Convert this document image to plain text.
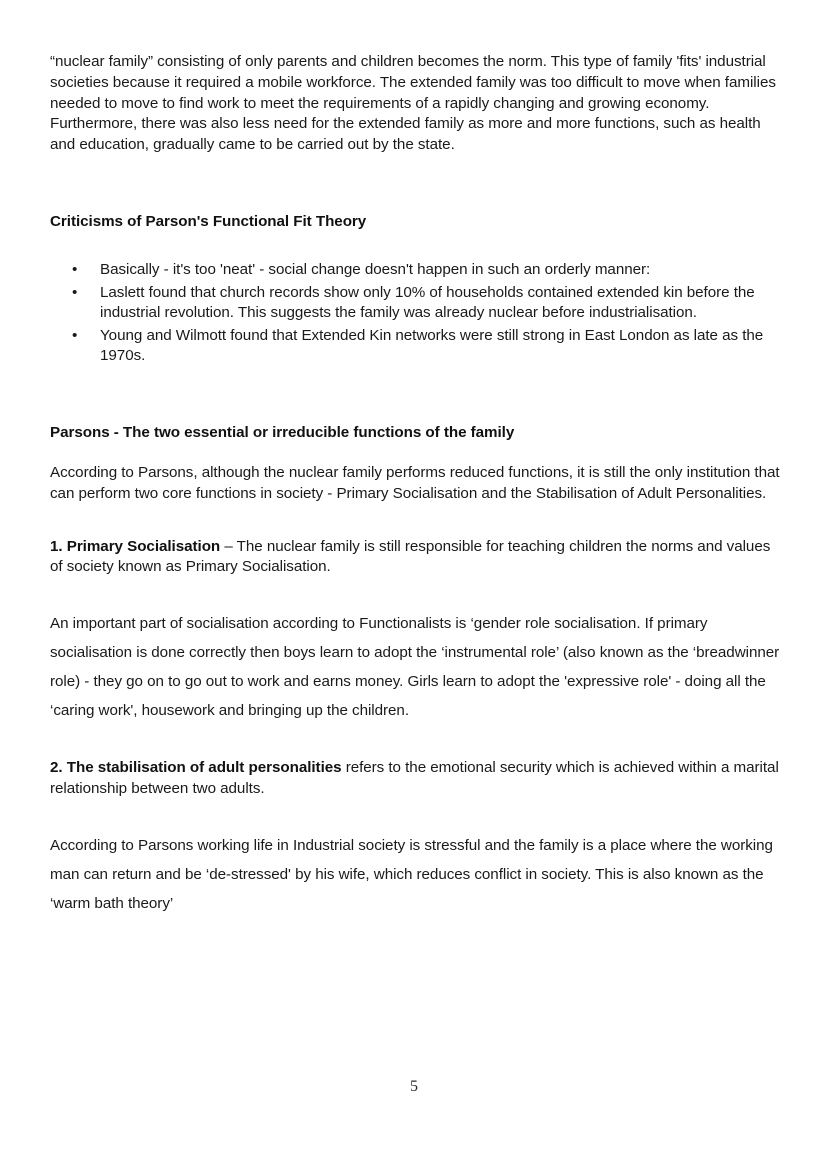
“nuclear family” consisting of only parents and children becomes the norm. This type of family 'fits' industrial societies because it required a mobile workforce. The extended family was too difficult to move when families needed to move to find work to meet the requirements of a rapidly changing and growing economy. Furthermore, there was also less need for the extended family as more and more functions, such as health and education, gradually came to be carried out by the state.

Criticisms of Parson's Functional Fit Theory
• Basically - it's too 'neat' - social change doesn't happen in such an orderly manner:
• Laslett found that church records show only 10% of households contained extended kin before the industrial revolution. This suggests the family was already nuclear before industrialisation.
• Young and Wilmott found that Extended Kin networks were still strong in East London as late as the 1970s.
Parsons - The two essential or irreducible functions of the family

According to Parsons, although the nuclear family performs reduced functions, it is still the only institution that can perform two core functions in society - Primary Socialisation and the Stabilisation of Adult Personalities.

1. Primary Socialisation – The nuclear family is still responsible for teaching children the norms and values of society known as Primary Socialisation.

An important part of socialisation according to Functionalists is ‘gender role socialisation. If primary socialisation is done correctly then boys learn to adopt the ‘instrumental role’ (also known as the ‘breadwinner role) - they go on to go out to work and earns money. Girls learn to adopt the 'expressive role' - doing all the ‘caring work', housework and bringing up the children.

2. The stabilisation of adult personalities refers to the emotional security which is achieved within a marital relationship between two adults.

According to Parsons working life in Industrial society is stressful and the family is a place where the working man can return and be ‘de-stressed' by his wife, which reduces conflict in society. This is also known as the ‘warm bath theory’

5
